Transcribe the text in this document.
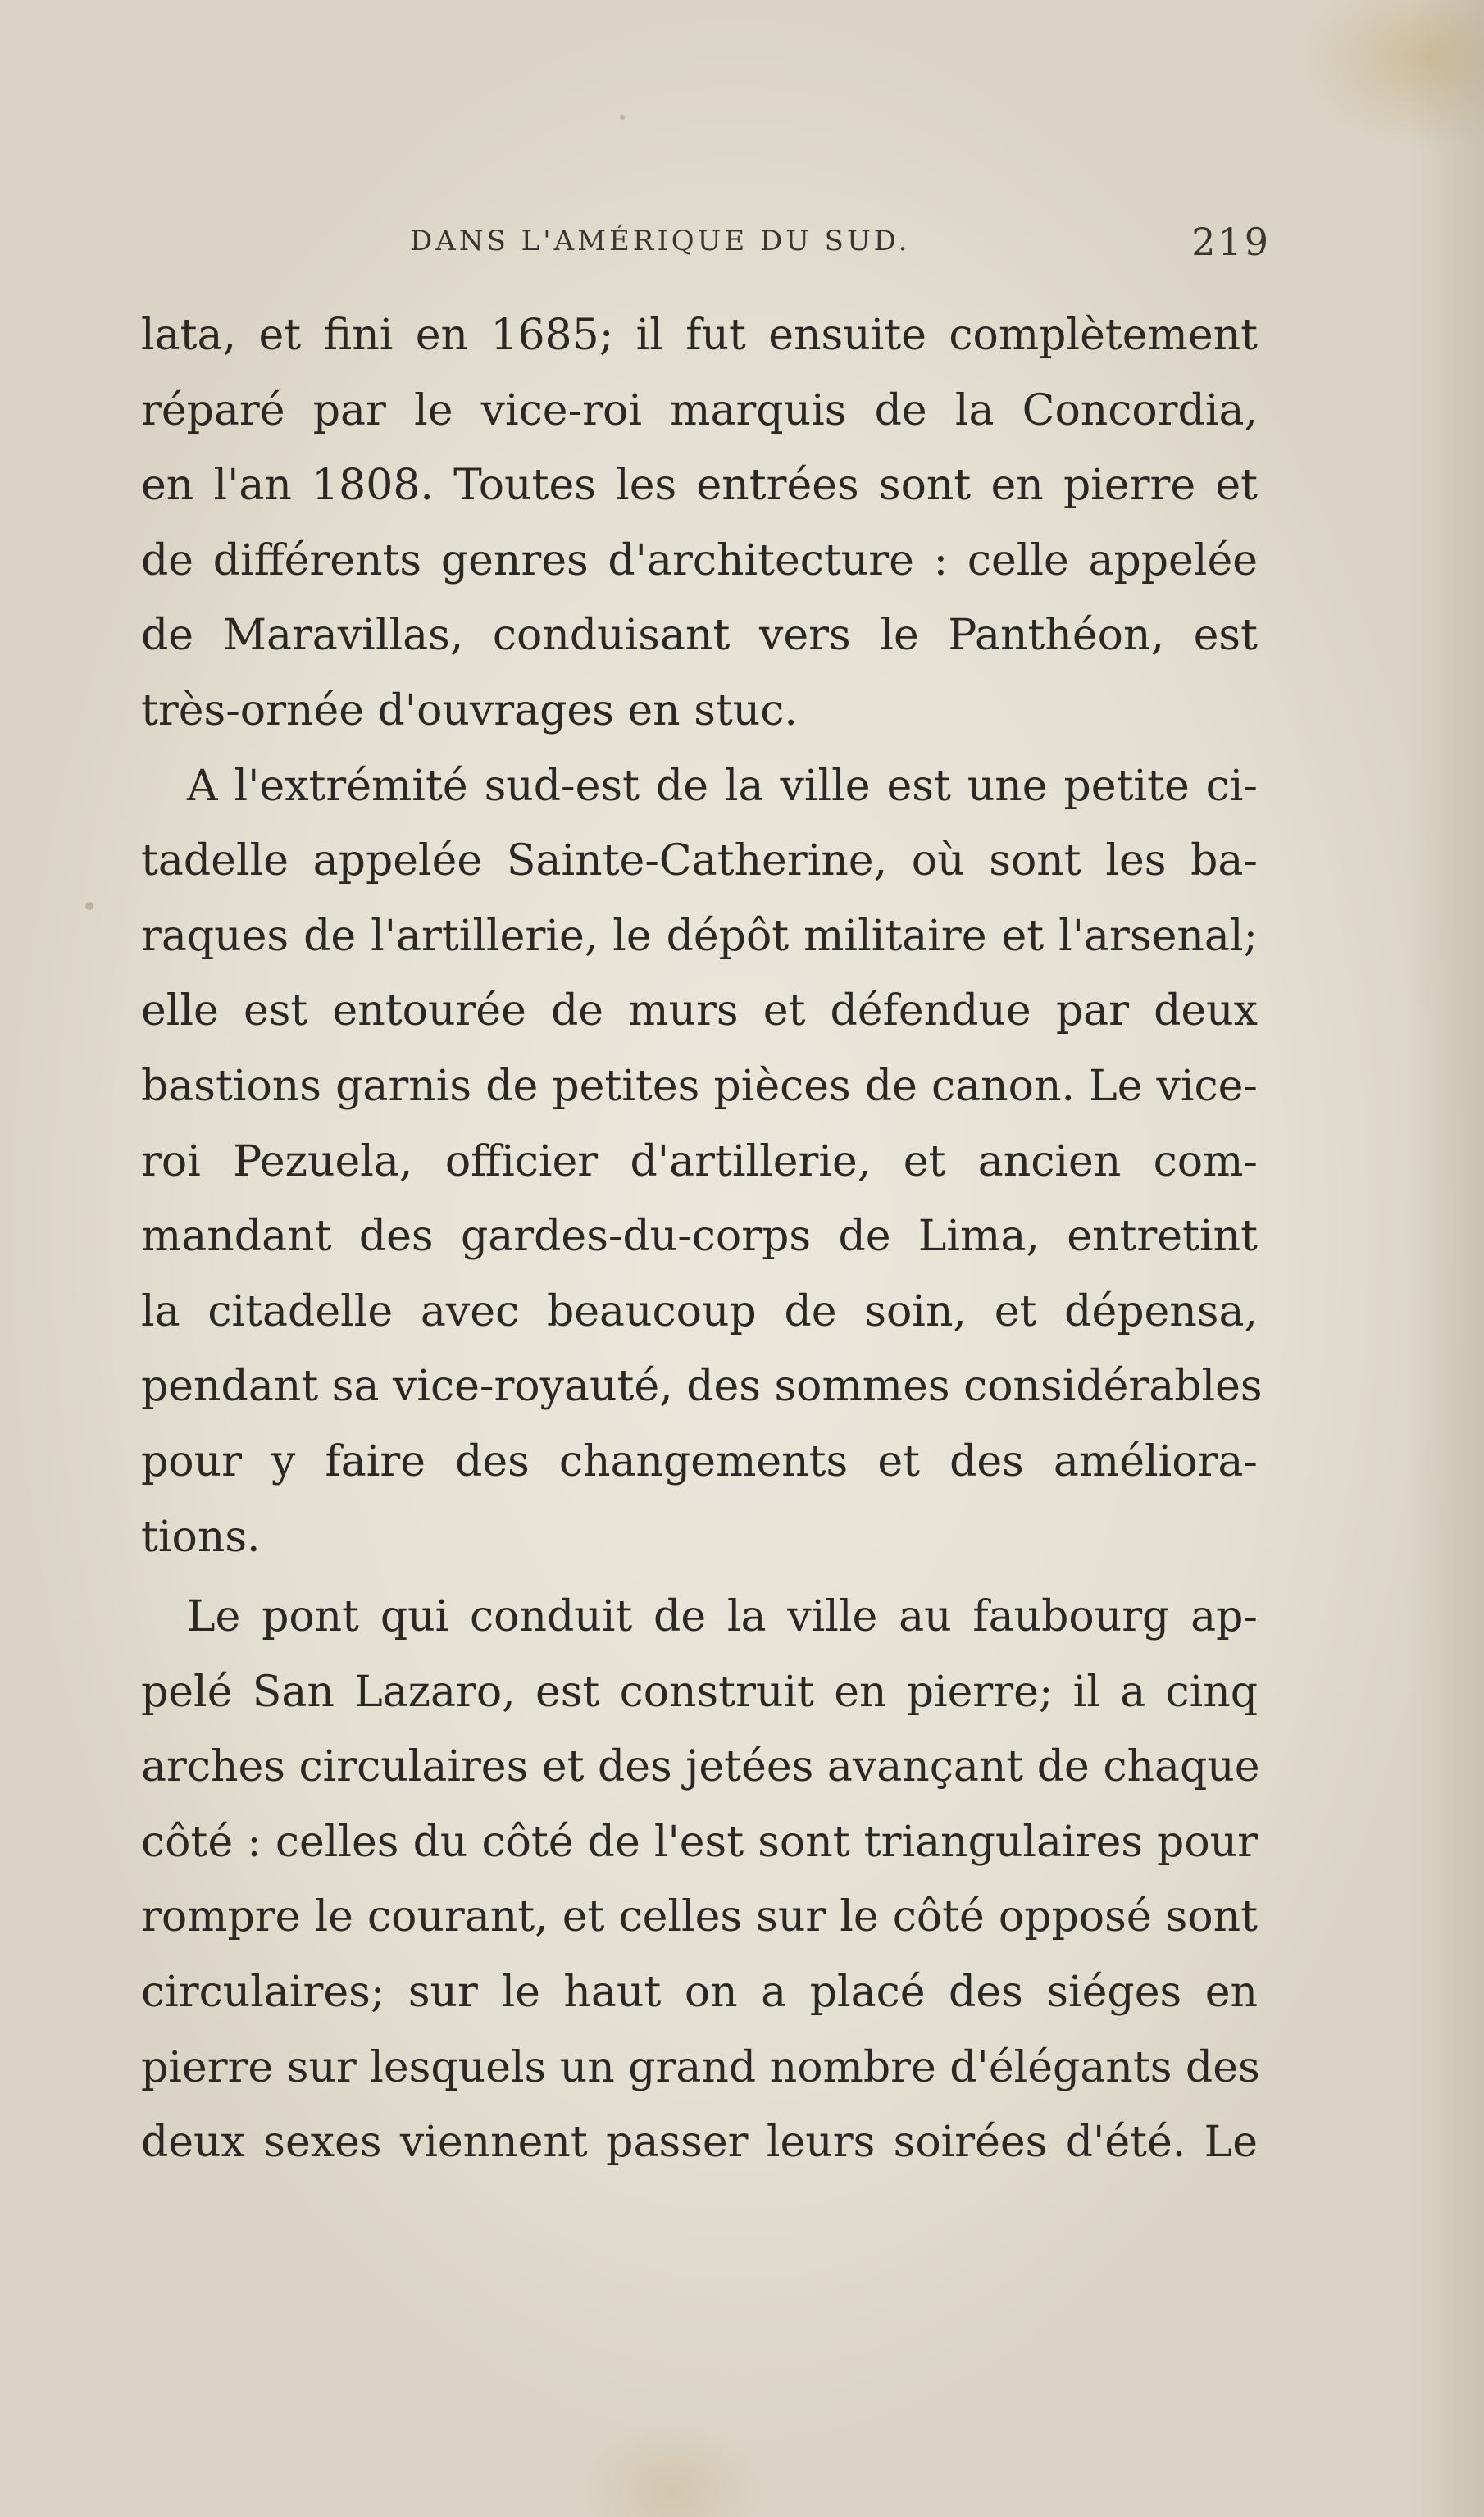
DANS L'AMÉRIQUE DU SUD.	219
lata, et fini en 1685; il fut ensuite complètement
réparé par le vice-roi marquis de la Concordia,
en l'an 1808. Toutes les entrées sont en pierre et
de différents genres d'architecture : celle appelée
de Maravillas, conduisant vers le Panthéon, est
très-ornée d'ouvrages en stuc.
A l'extrémité sud-est de la ville est une petite ci-
tadelle appelée Sainte-Catherine, où sont les ba-
raques de l'artillerie, le dépôt militaire et l'arsenal;
elle est entourée de murs et défendue par deux
bastions garnis de petites pièces de canon. Le vice-
roi Pezuela, officier d'artillerie, et ancien com-
mandant des gardes-du-corps de Lima, entretint
la citadelle avec beaucoup de soin, et dépensa,
pendant sa vice-royauté, des sommes considérables
pour y faire des changements et des améliora-
tions.
Le pont qui conduit de la ville au faubourg ap-
pelé San Lazaro, est construit en pierre; il a cinq
arches circulaires et des jetées avançant de chaque
côté : celles du côté de l'est sont triangulaires pour
rompre le courant, et celles sur le côté opposé sont
circulaires; sur le haut on a placé des siéges en
pierre sur lesquels un grand nombre d'élégants des
deux sexes viennent passer leurs soirées d'été. Le
